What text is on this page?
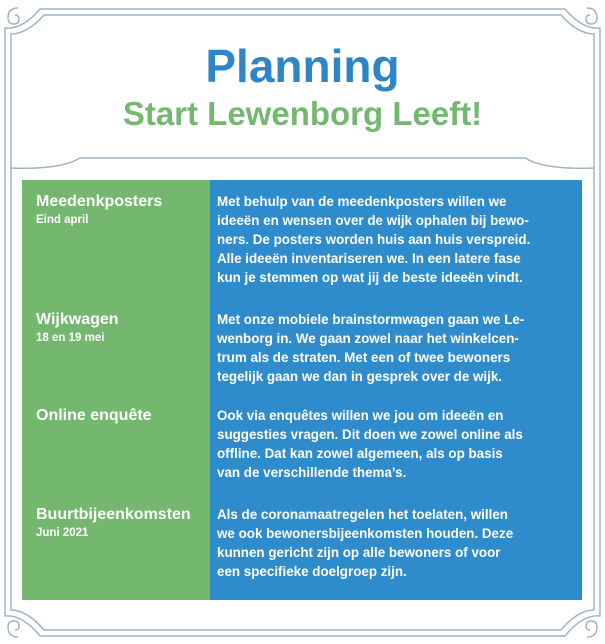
Planning
Start Lewenborg Leeft!
Meedenkposters
Eind april
Met behulp van de meedenkposters willen we
ideeën en wensen over de wijk ophalen bij bewo-
ners. De posters worden huis aan huis verspreid.
Alle ideeën inventariseren we. In een latere fase
kun je stemmen op wat jij de beste ideeën vindt.
Wijkwagen
18 en 19 mei
Met onze mobiele brainstormwagen gaan we Le-
wenborg in. We gaan zowel naar het winkelcen-
trum als de straten. Met een of twee bewoners
tegelijk gaan we dan in gesprek over de wijk.
Online enquête	Ook via enquêtes willen we jou om ideeën en
suggesties vragen. Dit doen we zowel online als
offline. Dat kan zowel algemeen, als op basis
van de verschillende thema’s.
Buurtbijeenkomsten
Juni 2021
Als de coronamaatregelen het toelaten, willen
we ook bewonersbijeenkomsten houden. Deze
kunnen gericht zijn op alle bewoners of voor
een specifieke doelgroep zijn.
